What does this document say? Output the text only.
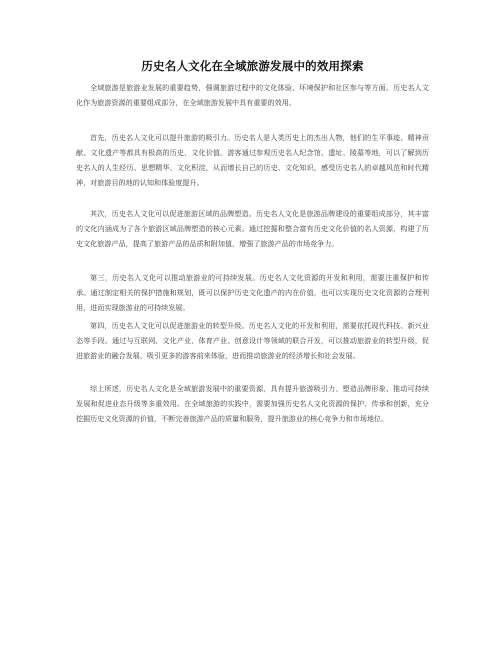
历史名人文化在全域旅游发展中的效用探索

全域旅游是旅游业发展的重要趋势，强调旅游过程中的文化体验、环境保护和社区参与等方面。历史名人文化作为旅游资源的重要组成部分，在全域旅游发展中具有重要的效用。

首先，历史名人文化可以提升旅游的吸引力。历史名人是人类历史上的杰出人物，他们的生平事迹、精神贡献、文化遗产等都具有极高的历史、文化价值。游客通过参观历史名人纪念馆、遗址、陵墓等地，可以了解到历史名人的人生经历、思想精华、文化积淀，从而增长自己的历史、文化知识，感受历史名人的卓越风范和时代精神，对旅游目的地的认知和体验度提升。

其次，历史名人文化可以促进旅游区域的品牌塑造。历史名人文化是旅游品牌建设的重要组成部分，其丰富的文化内涵成为了各个旅游区域品牌塑造的核心元素。通过挖掘和整合富有历史文化价值的名人资源，构建了历史文化旅游产品，提高了旅游产品的品质和附加值，增强了旅游产品的市场竞争力。

第三，历史名人文化可以推动旅游业的可持续发展。历史名人文化资源的开发和利用，需要注重保护和传承。通过制定相关的保护措施和规划，既可以保护历史文化遗产的内在价值，也可以实现历史文化资源的合理利用，进而实现旅游业的可持续发展。

第四，历史名人文化可以促进旅游业的转型升级。历史名人文化的开发和利用，需要依托现代科技、新兴业态等手段。通过与互联网、文化产业、体育产业、创意设计等领域的联合开发，可以推动旅游业的转型升级，促进旅游业的融合发展，吸引更多的游客前来体验，进而推动旅游业的经济增长和社会发展。

综上所述，历史名人文化是全域旅游发展中的重要资源，具有提升旅游吸引力、塑造品牌形象、推动可持续发展和促进业态升级等多重效用。在全域旅游的实践中，需要加强历史名人文化资源的保护、传承和创新，充分挖掘历史文化资源的价值，不断完善旅游产品的质量和服务，提升旅游业的核心竞争力和市场地位。
